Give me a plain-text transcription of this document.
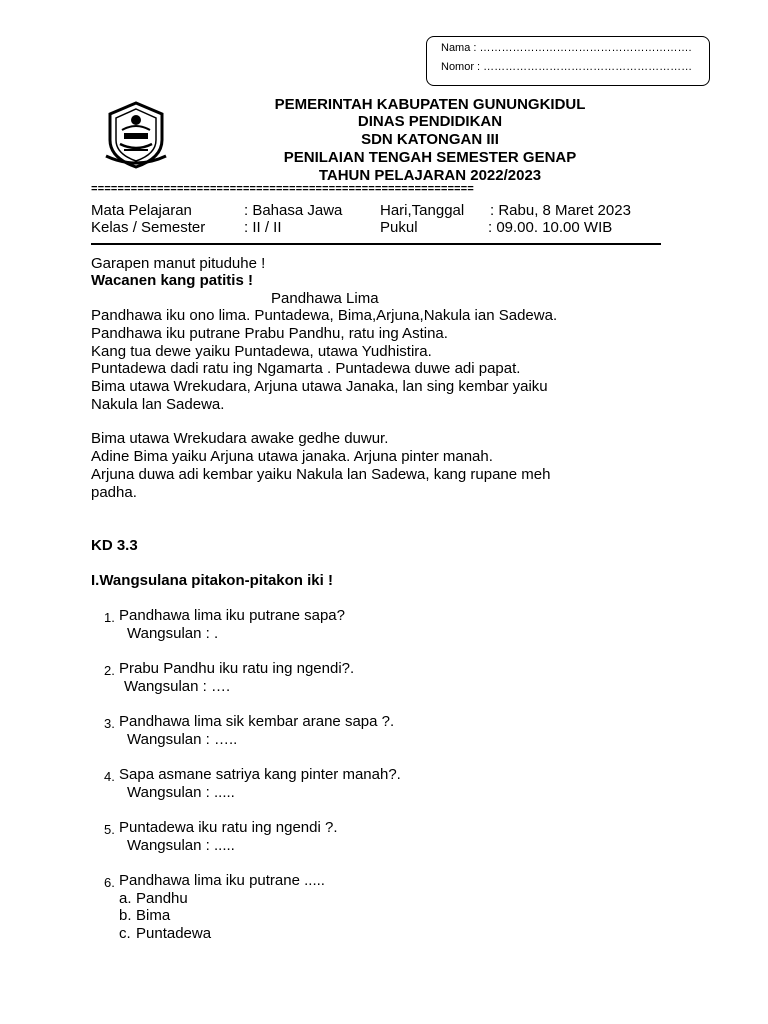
Nama : ………………………………………………….
Nomor : …………………………………………………
PEMERINTAH KABUPATEN GUNUNGKIDUL
DINAS PENDIDIKAN
SDN KATONGAN III
PENILAIAN TENGAH SEMESTER GENAP
TAHUN PELAJARAN 2022/2023
==========================================================
Mata Pelajaran	: Bahasa Jawa	Hari,Tanggal : Rabu, 8 Maret 2023
Kelas / Semester	: II / II	Pukul	: 09.00. 10.00 WIB
Garapen manut pituduhe !
Wacanen kang patitis !
Pandhawa Lima
Pandhawa iku ono lima. Puntadewa, Bima,Arjuna,Nakula ian Sadewa.
Pandhawa iku putrane Prabu Pandhu, ratu ing Astina.
Kang tua dewe yaiku Puntadewa, utawa Yudhistira.
Puntadewa dadi ratu ing Ngamarta . Puntadewa duwe adi papat.
Bima utawa Wrekudara, Arjuna utawa Janaka, lan sing kembar yaiku
Nakula lan Sadewa.
Bima utawa Wrekudara awake gedhe duwur.
Adine Bima yaiku Arjuna utawa janaka. Arjuna pinter manah.
Arjuna duwa adi kembar yaiku Nakula lan Sadewa, kang rupane meh
padha.
KD 3.3
I.Wangsulana pitakon-pitakon iki !
1. Pandhawa lima iku putrane sapa?
Wangsulan : .
2. Prabu Pandhu iku ratu ing ngendi?.
Wangsulan : ….
3. Pandhawa lima sik kembar arane sapa ?.
Wangsulan : …..
4. Sapa asmane satriya kang pinter manah?.
Wangsulan : .....
5. Puntadewa iku ratu ing ngendi ?.
Wangsulan : .....
6. Pandhawa lima iku putrane .....
a. Pandhu
b. Bima
c. Puntadewa
